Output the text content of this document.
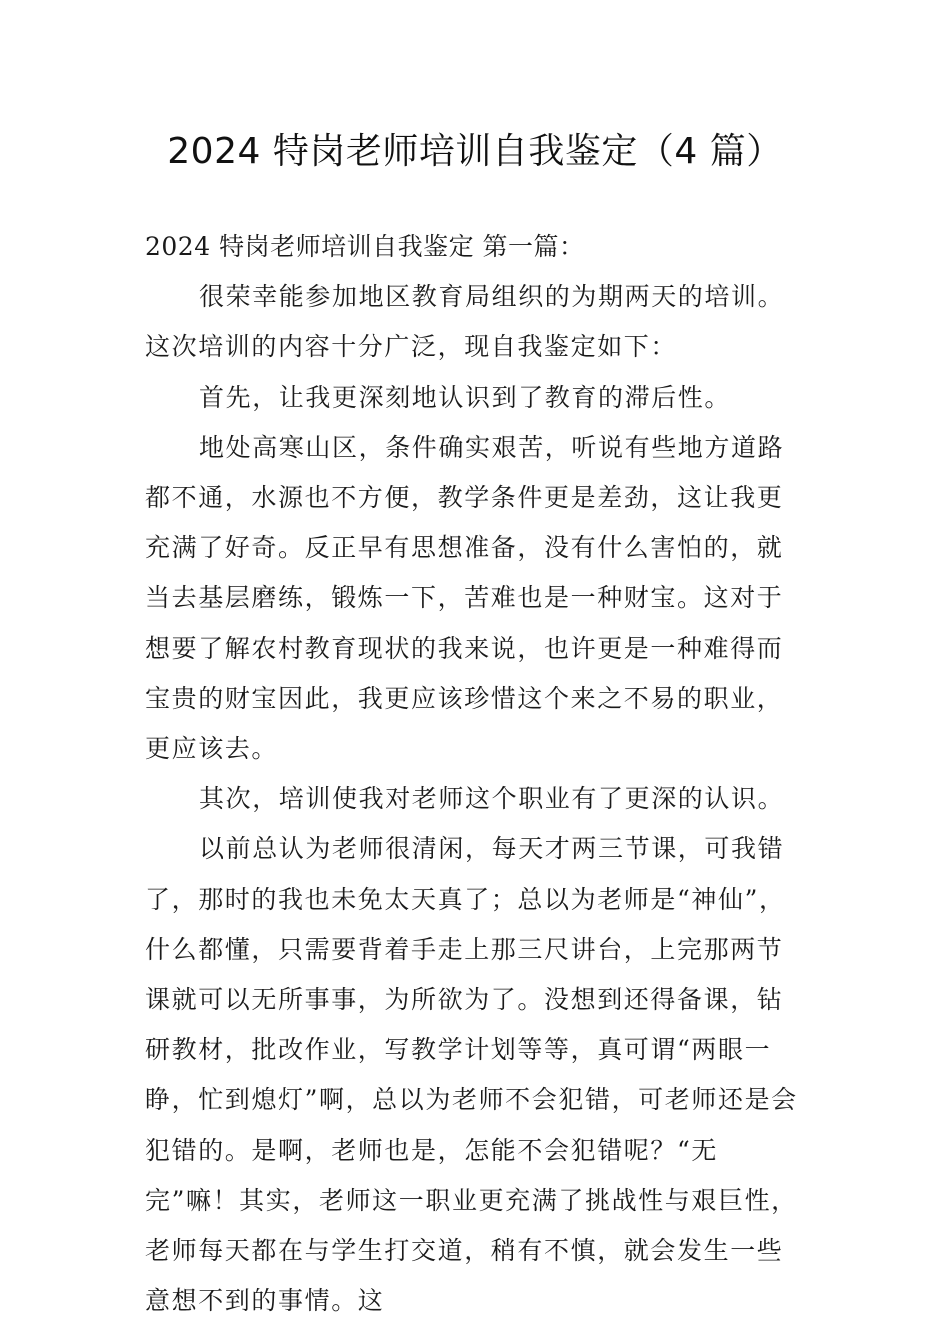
2024 特岗老师培训自我鉴定（4 篇）

2024 特岗老师培训自我鉴定 第一篇：

很荣幸能参加地区教育局组织的为期两天的培训。这次培训的内容十分广泛，现自我鉴定如下：

首先，让我更深刻地认识到了教育的滞后性。

地处高寒山区，条件确实艰苦，听说有些地方道路都不通，水源也不方便，教学条件更是差劲，这让我更充满了好奇。反正早有思想准备，没有什么害怕的，就当去基层磨练，锻炼一下，苦难也是一种财宝。这对于想要了解农村教育现状的我来说，也许更是一种难得而宝贵的财宝因此，我更应该珍惜这个来之不易的职业，更应该去。

其次，培训使我对老师这个职业有了更深的认识。

以前总认为老师很清闲，每天才两三节课，可我错了，那时的我也未免太天真了；总以为老师是“神仙”，什么都懂，只需要背着手走上那三尺讲台，上完那两节课就可以无所事事，为所欲为了。没想到还得备课，钻研教材，批改作业，写教学计划等等，真可谓“两眼一睁，忙到熄灯”啊，总以为老师不会犯错，可老师还是会犯错的。是啊，老师也是，怎能不会犯错呢？“无完”嘛！其实，老师这一职业更充满了挑战性与艰巨性，老师每天都在与学生打交道，稍有不慎，就会发生一些意想不到的事情。这
